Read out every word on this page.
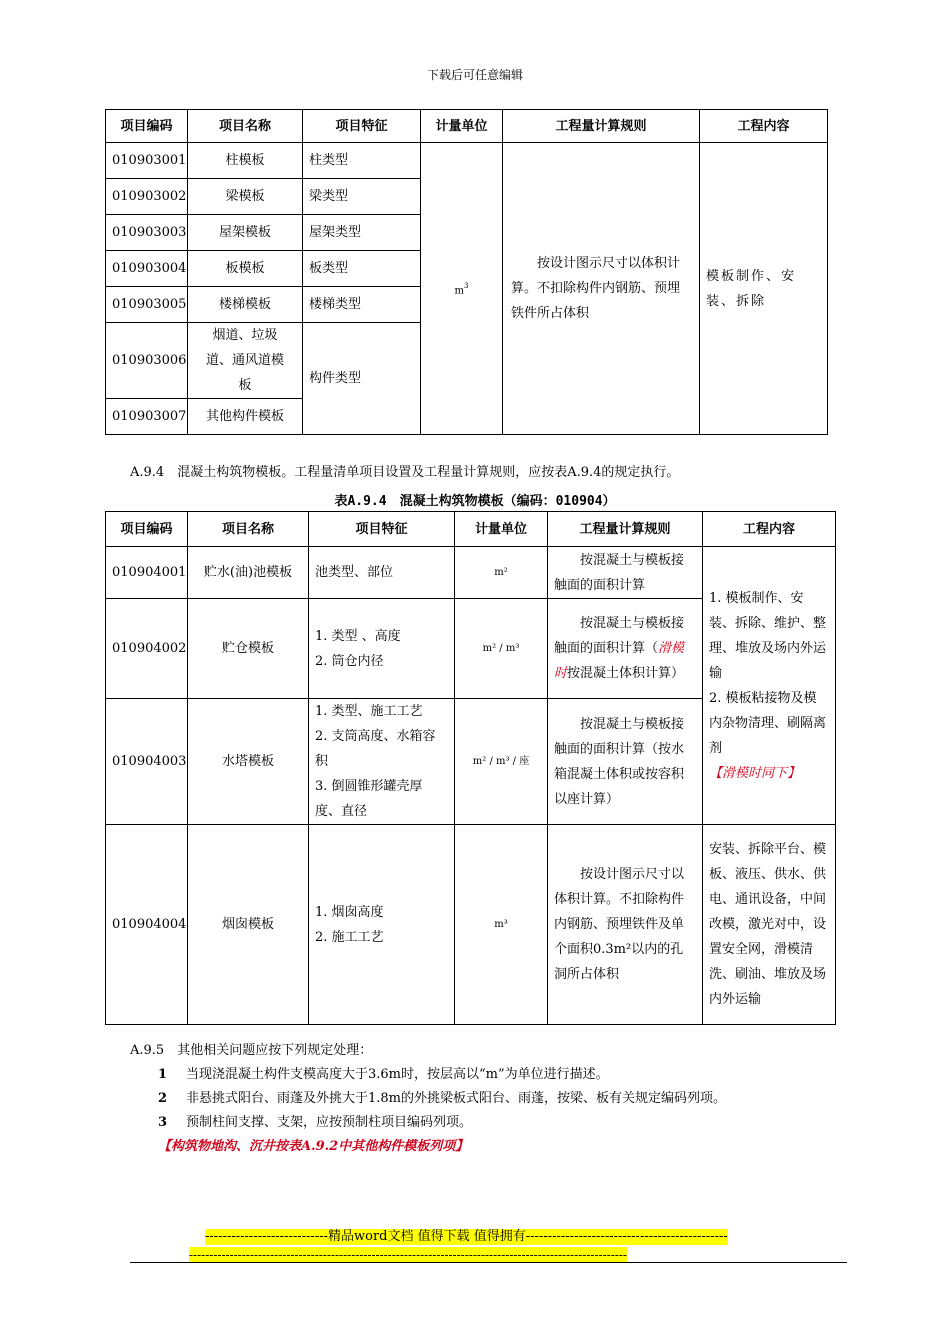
下载后可任意编辑
项目编码	项目名称	项目特征	计量单位	工程量计算规则	工程内容
010903001	柱模板	柱类型	$m^3$	按设计图示尺寸以体积计算。不扣除构件内钢筋、预埋铁件所占体积	模板制作、安装、拆除
010903002	梁模板	梁类型			
010903003	屋架模板	屋架类型			
010903004	板模板	板类型			
010903005	楼梯模板	楼梯类型			
010903006	烟道、垃圾道、通风道模板	构件类型			
010903007	其他构件模板				
A.9.4　混凝土构筑物模板。工程量清单项目设置及工程量计算规则，应按表A.9.4的规定执行。
表A.9.4　混凝土构筑物模板（编码：010904）
项目编码	项目名称	项目特征	计量单位	工程量计算规则	工程内容
010904001	贮水(油)池模板	池类型、部位	m²	按混凝土与模板接触面的面积计算	1. 模板制作、安装、拆除、维护、整理、堆放及场内外运输
2. 模板粘接物及模内杂物清理、刷隔离剂
【滑模时同下】

010904002	贮仓模板	1. 类型 、高度
2. 筒仓内径	m² / m³	按混凝土与模板接触面的面积计算（滑模时按混凝土体积计算）	
010904003	水塔模板	1. 类型、施工工艺
2. 支筒高度、水箱容积
3. 倒圆锥形罐壳厚度、直径	m² / m³ / 座	按混凝土与模板接触面的面积计算（按水箱混凝土体积或按容积以座计算）	
010904004	烟囱模板	1. 烟囱高度
2. 施工工艺	m³	按设计图示尺寸以体积计算。不扣除构件内钢筋、预埋铁件及单个面积0.3m²以内的孔洞所占体积	安装、拆除平台、模板、液压、供水、供电、通讯设备，中间改模，激光对中，设置安全网，滑模清洗、刷油、堆放及场内外运输
A.9.5　其他相关问题应按下列规定处理：
1 当现浇混凝土构件支模高度大于3.6m时，按层高以“m”为单位进行描述。
2 非悬挑式阳台、雨蓬及外挑大于1.8m的外挑梁板式阳台、雨蓬，按梁、板有关规定编码列项。
3 预制柱间支撑、支架，应按预制柱项目编码列项。
【构筑物地沟、沉井按表A.9.2中其他构件模板列项】
----------------------------精品word文档 值得下载 值得拥有----------------------------------------------
------------------------------------------------------------------------------------------------------------
